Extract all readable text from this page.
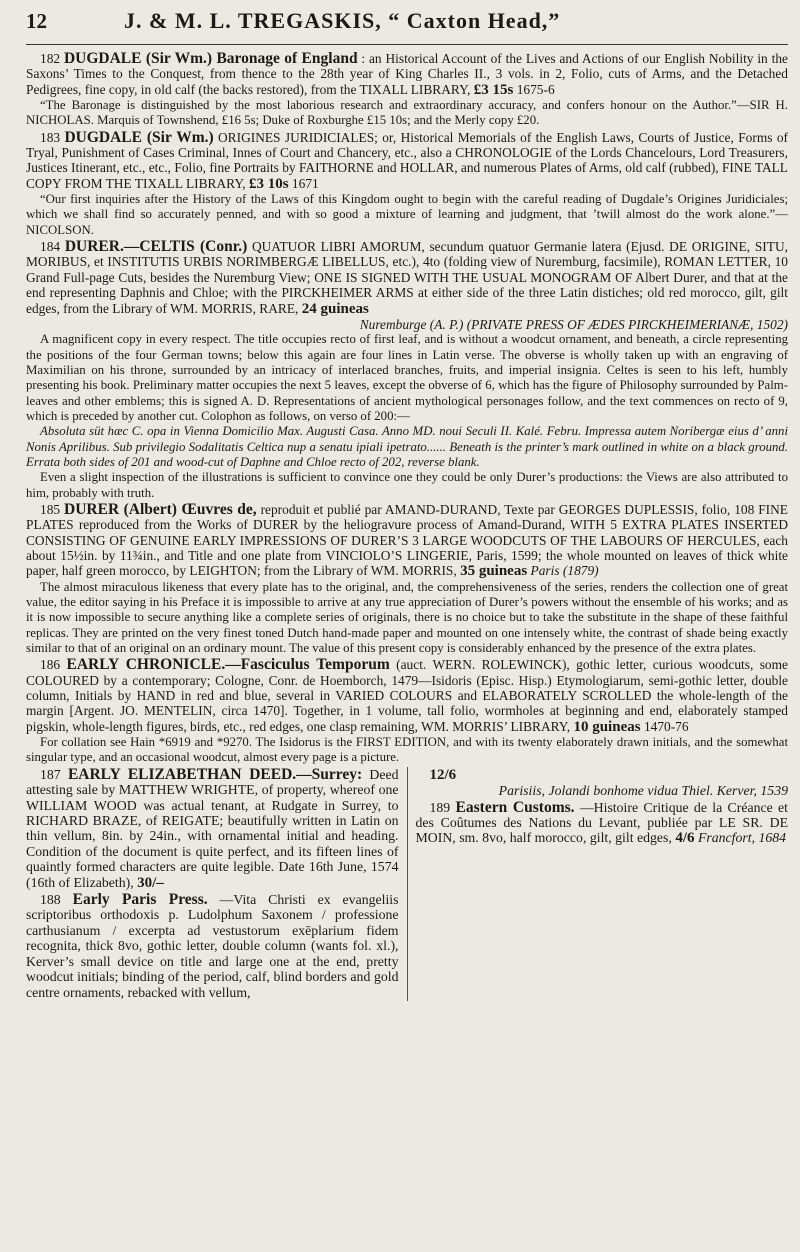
12	J. & M. L. TREGASKIS, “ Caxton Head,”
182 DUGDALE (Sir Wm.) Baronage of England : an Historical Account of the Lives and Actions of our English Nobility in the Saxons’ Times to the Conquest, from thence to the 28th year of King Charles II., 3 vols. in 2, Folio, cuts of Arms, and the Detached Pedigrees, fine copy, in old calf (the backs restored), from the TIXALL LIBRARY, £3 15s 1675-6

“The Baronage is distinguished by the most laborious research and extraordinary accuracy, and confers honour on the Author.”—SIR H. NICHOLAS. Marquis of Townshend, £16 5s; Duke of Roxburghe £15 10s; and the Merly copy £20.

183 DUGDALE (Sir Wm.) ORIGINES JURIDICIALES; or, Historical Memorials of the English Laws, Courts of Justice, Forms of Tryal, Punishment of Cases Criminal, Innes of Court and Chancery, etc., also a CHRONOLOGIE of the Lords Chancelours, Lord Treasurers, Justices Itinerant, etc., etc., Folio, fine Portraits by FAITHORNE and HOLLAR, and numerous Plates of Arms, old calf (rubbed), FINE TALL COPY FROM THE TIXALL LIBRARY, £3 10s 1671

“Our first inquiries after the History of the Laws of this Kingdom ought to begin with the careful reading of Dugdale’s Origines Juridiciales; which we shall find so accurately penned, and with so good a mixture of learning and judgment, that ’twill almost do the work alone.”—NICOLSON.

184 DURER.—CELTIS (Conr.) QUATUOR LIBRI AMORUM, secundum quatuor Germanie latera (Ejusd. DE ORIGINE, SITU, MORIBUS, et INSTITUTIS URBIS NORIMBERGÆ LIBELLUS, etc.), 4to (folding view of Nuremburg, facsimile), ROMAN LETTER, 10 Grand Full-page Cuts, besides the Nuremburg View; ONE IS SIGNED WITH THE USUAL MONOGRAM OF Albert Durer, and that at the end representing Daphnis and Chloe; with the PIRCKHEIMER ARMS at either side of the three Latin distiches; old red morocco, gilt, gilt edges, from the Library of WM. MORRIS, RARE, 24 guineas

Nuremburge (A. P.) (PRIVATE PRESS OF ÆDES PIRCKHEIMERIANÆ, 1502)

A magnificent copy in every respect. The title occupies recto of first leaf, and is without a woodcut ornament, and beneath, a circle representing the positions of the four German towns; below this again are four lines in Latin verse. The obverse is wholly taken up with an engraving of Maximilian on his throne, surrounded by an intricacy of interlaced branches, fruits, and imperial insignia. Celtes is seen to his left, humbly presenting his book. Preliminary matter occupies the next 5 leaves, except the obverse of 6, which has the figure of Philosophy surrounded by Palm-leaves and other emblems; this is signed A. D. Representations of ancient mythological personages follow, and the text commences on recto of 9, which is preceded by another cut. Colophon as follows, on verso of 200:—

Absoluta süt hæc C. opa in Vienna Domicilio Max. Augusti Casa. Anno MD. noui Seculi II. Kalé. Febru. Impressa autem Noribergæ eius d’ anni Nonis Aprilibus. Sub privilegio Sodalitatis Celtica nup a senatu ipiali ipetrato...... Beneath is the printer’s mark outlined in white on a black ground. Errata both sides of 201 and wood-cut of Daphne and Chloe recto of 202, reverse blank.

Even a slight inspection of the illustrations is sufficient to convince one they could be only Durer’s productions: the Views are also attributed to him, probably with truth.

185 DURER (Albert) Œuvres de, reproduit et publié par AMAND-DURAND, Texte par GEORGES DUPLESSIS, folio, 108 FINE PLATES reproduced from the Works of DURER by the heliogravure process of Amand-Durand, WITH 5 EXTRA PLATES INSERTED CONSISTING OF GENUINE EARLY IMPRESSIONS OF DURER’S 3 LARGE WOODCUTS OF THE LABOURS OF HERCULES, each about 15½in. by 11¾in., and Title and one plate from VINCIOLO’S LINGERIE, Paris, 1599; the whole mounted on leaves of thick white paper, half green morocco, by LEIGHTON; from the Library of WM. MORRIS, 35 guineas Paris (1879)

The almost miraculous likeness that every plate has to the original, and, the comprehensiveness of the series, renders the collection one of great value, the editor saying in his Preface it is impossible to arrive at any true appreciation of Durer’s powers without the ensemble of his works; and as it is now impossible to secure anything like a complete series of originals, there is no choice but to take the substitute in the shape of these faithful replicas. They are printed on the very finest toned Dutch hand-made paper and mounted on one intensely white, the contrast of shade being exactly similar to that of an original on an ordinary mount. The value of this present copy is considerably enhanced by the presence of the extra plates.

186 EARLY CHRONICLE.—Fasciculus Temporum (auct. WERN. ROLEWINCK), gothic letter, curious woodcuts, some COLOURED by a contemporary; Cologne, Conr. de Hoemborch, 1479—Isidoris (Episc. Hisp.) Etymologiarum, semi-gothic letter, double column, Initials by HAND in red and blue, several in VARIED COLOURS and ELABORATELY SCROLLED the whole-length of the margin [Argent. JO. MENTELIN, circa 1470]. Together, in 1 volume, tall folio, wormholes at beginning and end, elaborately stamped pigskin, whole-length figures, birds, etc., red edges, one clasp remaining, WM. MORRIS’ LIBRARY, 10 guineas 1470-76

For collation see Hain *6919 and *9270. The Isidorus is the FIRST EDITION, and with its twenty elaborately drawn initials, and the somewhat singular type, and an occasional woodcut, almost every page is a picture.

187 EARLY ELIZABETHAN DEED.—Surrey: Deed attesting sale by MATTHEW WRIGHTE, of property, whereof one WILLIAM WOOD was actual tenant, at Rudgate in Surrey, to RICHARD BRAZE, of REIGATE; beautifully written in Latin on thin vellum, 8in. by 24in., with ornamental initial and heading. Condition of the document is quite perfect, and its fifteen lines of quaintly formed characters are quite legible. Date 16th June, 1574 (16th of Elizabeth), 30/–
188 Early Paris Press. —Vita Christi ex evangeliis scriptoribus orthodoxis p. Ludolphum Saxonem / professione carthusianum / excerpta ad vestustorum exēplarium fidem recognita, thick 8vo, gothic letter, double column (wants fol. xl.), Kerver’s small device on title and large one at the end, pretty woodcut initials; binding of the period, calf, blind borders and gold centre ornaments, rebacked with vellum,
12/6

Parisiis, Jolandi bonhome vidua Thiel. Kerver, 1539

189 Eastern Customs. —Histoire Critique de la Créance et des Coûtumes des Nations du Levant, publiée par LE SR. DE MOIN, sm. 8vo, half morocco, gilt, gilt edges, 4/6 Francfort, 1684
